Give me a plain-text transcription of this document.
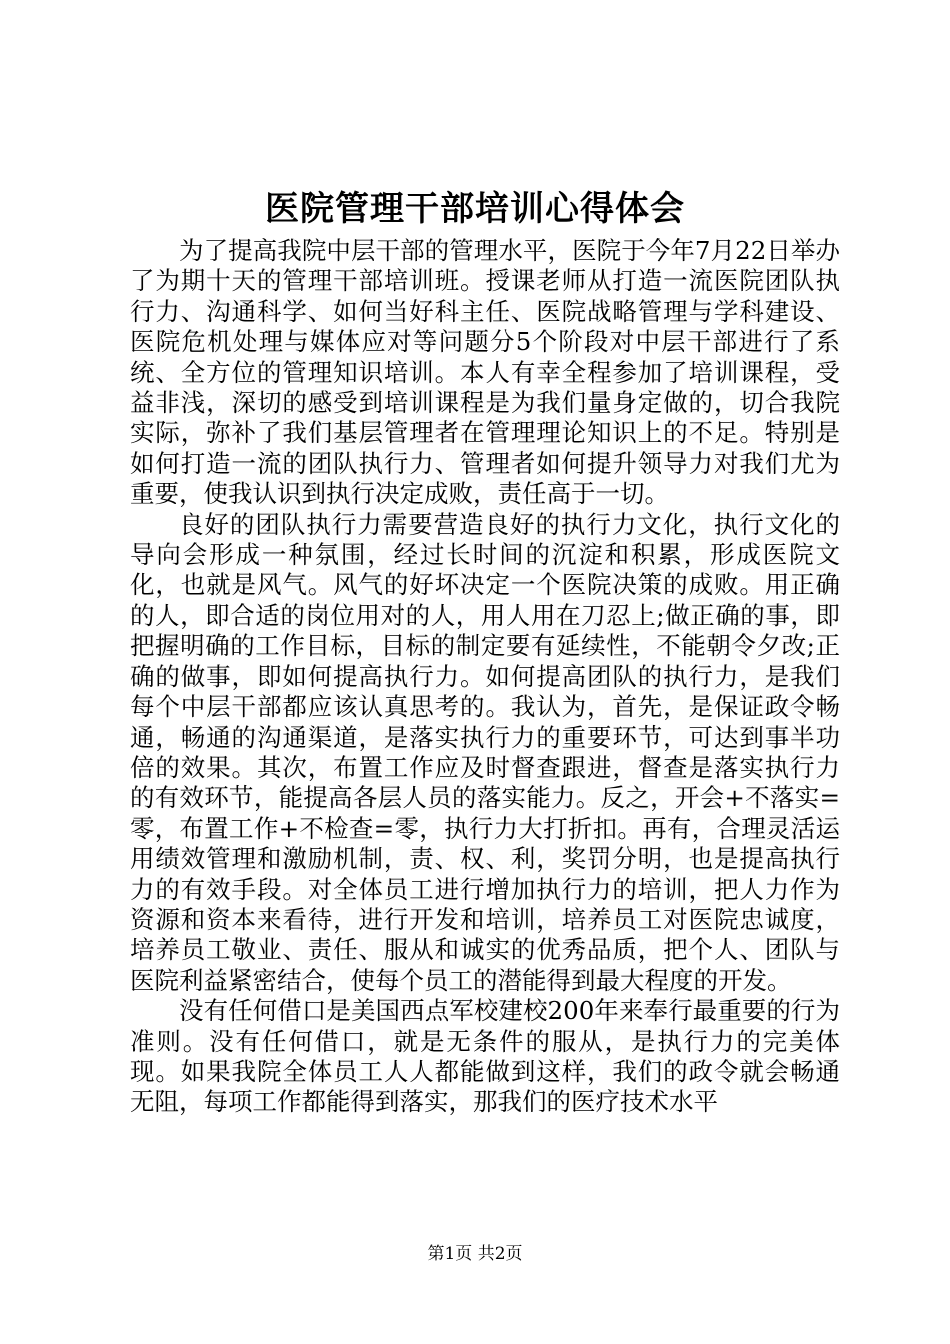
医院管理干部培训心得体会

为了提高我院中层干部的管理水平，医院于今年7月22日举办了为期十天的管理干部培训班。授课老师从打造一流医院团队执行力、沟通科学、如何当好科主任、医院战略管理与学科建设、医院危机处理与媒体应对等问题分5个阶段对中层干部进行了系统、全方位的管理知识培训。本人有幸全程参加了培训课程，受益非浅，深切的感受到培训课程是为我们量身定做的，切合我院实际，弥补了我们基层管理者在管理理论知识上的不足。特别是如何打造一流的团队执行力、管理者如何提升领导力对我们尤为重要，使我认识到执行决定成败，责任高于一切。

良好的团队执行力需要营造良好的执行力文化，执行文化的导向会形成一种氛围，经过长时间的沉淀和积累，形成医院文化，也就是风气。风气的好坏决定一个医院决策的成败。用正确的人，即合适的岗位用对的人，用人用在刀忍上;做正确的事，即把握明确的工作目标，目标的制定要有延续性，不能朝令夕改;正确的做事，即如何提高执行力。如何提高团队的执行力，是我们每个中层干部都应该认真思考的。我认为，首先，是保证政令畅通，畅通的沟通渠道，是落实执行力的重要环节，可达到事半功倍的效果。其次，布置工作应及时督查跟进，督查是落实执行力的有效环节，能提高各层人员的落实能力。反之，开会+不落实=零，布置工作+不检查=零，执行力大打折扣。再有，合理灵活运用绩效管理和激励机制，责、权、利，奖罚分明，也是提高执行力的有效手段。对全体员工进行增加执行力的培训，把人力作为资源和资本来看待，进行开发和培训，培养员工对医院忠诚度，培养员工敬业、责任、服从和诚实的优秀品质，把个人、团队与医院利益紧密结合，使每个员工的潜能得到最大程度的开发。

没有任何借口是美国西点军校建校200年来奉行最重要的行为准则。没有任何借口，就是无条件的服从，是执行力的完美体现。如果我院全体员工人人都能做到这样，我们的政令就会畅通无阻，每项工作都能得到落实，那我们的医疗技术水平

第1页 共2页
